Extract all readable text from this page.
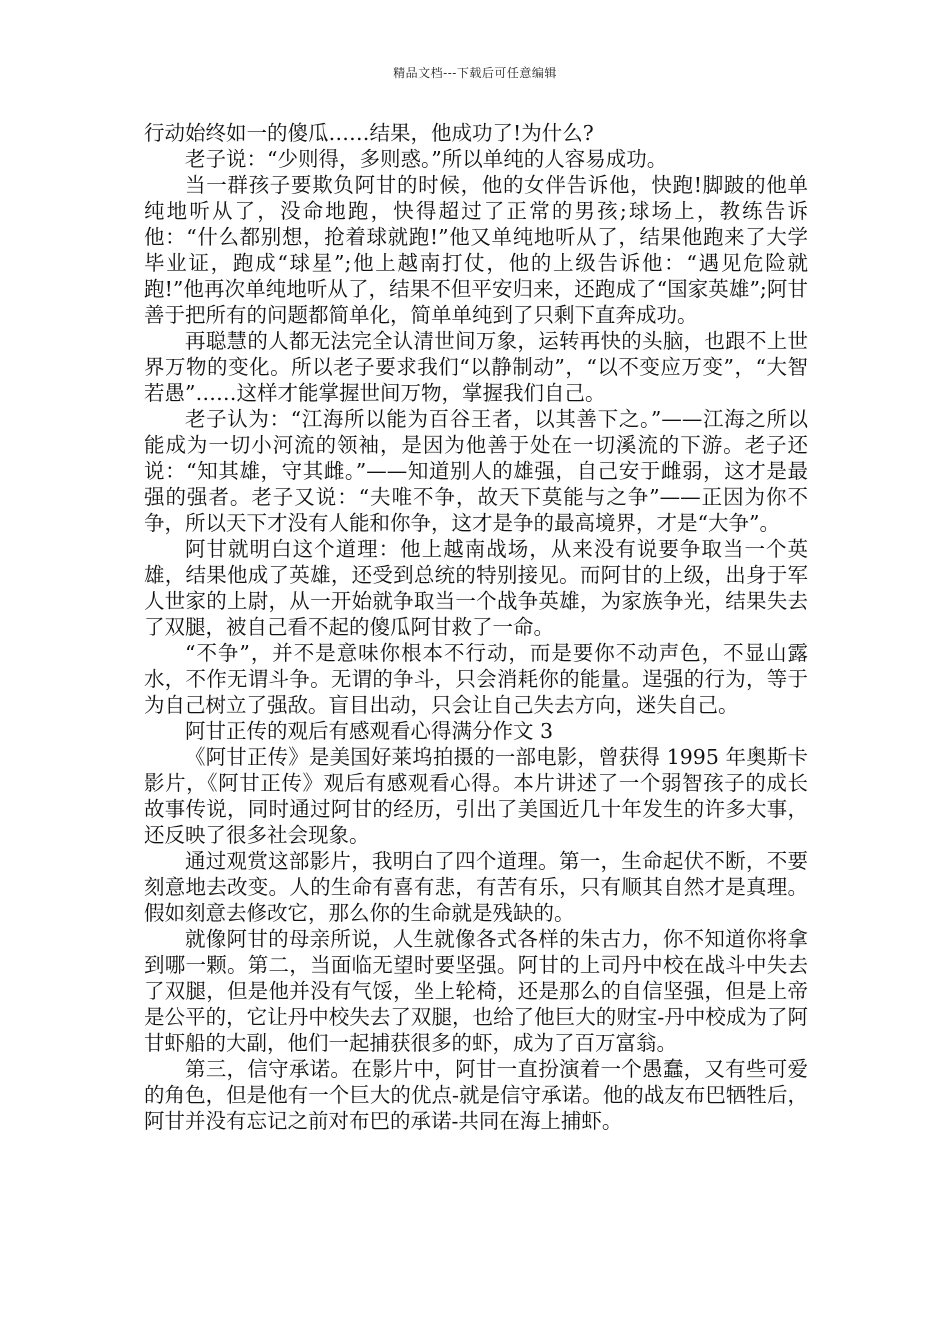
精品文档---下载后可任意编辑

行动始终如一的傻瓜……结果，他成功了!为什么?

老子说：“少则得，多则惑。”所以单纯的人容易成功。

当一群孩子要欺负阿甘的时候，他的女伴告诉他，快跑!脚跛的他单纯地听从了，没命地跑，快得超过了正常的男孩;球场上，教练告诉他：“什么都别想，抢着球就跑!”他又单纯地听从了，结果他跑来了大学毕业证，跑成“球星”;他上越南打仗，他的上级告诉他：“遇见危险就跑!”他再次单纯地听从了，结果不但平安归来，还跑成了“国家英雄”;阿甘善于把所有的问题都简单化，简单单纯到了只剩下直奔成功。

再聪慧的人都无法完全认清世间万象，运转再快的头脑，也跟不上世界万物的变化。所以老子要求我们“以静制动”，“以不变应万变”，“大智若愚”……这样才能掌握世间万物，掌握我们自己。

老子认为：“江海所以能为百谷王者，以其善下之。”——江海之所以能成为一切小河流的领袖，是因为他善于处在一切溪流的下游。老子还说：“知其雄，守其雌。”——知道别人的雄强，自己安于雌弱，这才是最强的强者。老子又说：“夫唯不争，故天下莫能与之争”——正因为你不争，所以天下才没有人能和你争，这才是争的最高境界，才是“大争”。

阿甘就明白这个道理：他上越南战场，从来没有说要争取当一个英雄，结果他成了英雄，还受到总统的特别接见。而阿甘的上级，出身于军人世家的上尉，从一开始就争取当一个战争英雄，为家族争光，结果失去了双腿，被自己看不起的傻瓜阿甘救了一命。

“不争”，并不是意味你根本不行动，而是要你不动声色，不显山露水，不作无谓斗争。无谓的争斗，只会消耗你的能量。逞强的行为，等于为自己树立了强敌。盲目出动，只会让自己失去方向，迷失自己。

阿甘正传的观后有感观看心得满分作文 3

《阿甘正传》是美国好莱坞拍摄的一部电影，曾获得 1995 年奥斯卡影片，《阿甘正传》观后有感观看心得。本片讲述了一个弱智孩子的成长故事传说，同时通过阿甘的经历，引出了美国近几十年发生的许多大事，还反映了很多社会现象。

通过观赏这部影片，我明白了四个道理。第一，生命起伏不断，不要刻意地去改变。人的生命有喜有悲，有苦有乐，只有顺其自然才是真理。假如刻意去修改它，那么你的生命就是残缺的。

就像阿甘的母亲所说，人生就像各式各样的朱古力，你不知道你将拿到哪一颗。第二，当面临无望时要坚强。阿甘的上司丹中校在战斗中失去了双腿，但是他并没有气馁，坐上轮椅，还是那么的自信坚强，但是上帝是公平的，它让丹中校失去了双腿，也给了他巨大的财宝-丹中校成为了阿甘虾船的大副，他们一起捕获很多的虾，成为了百万富翁。

第三，信守承诺。在影片中，阿甘一直扮演着一个愚蠢，又有些可爱的角色，但是他有一个巨大的优点-就是信守承诺。他的战友布巴牺牲后，阿甘并没有忘记之前对布巴的承诺-共同在海上捕虾。
